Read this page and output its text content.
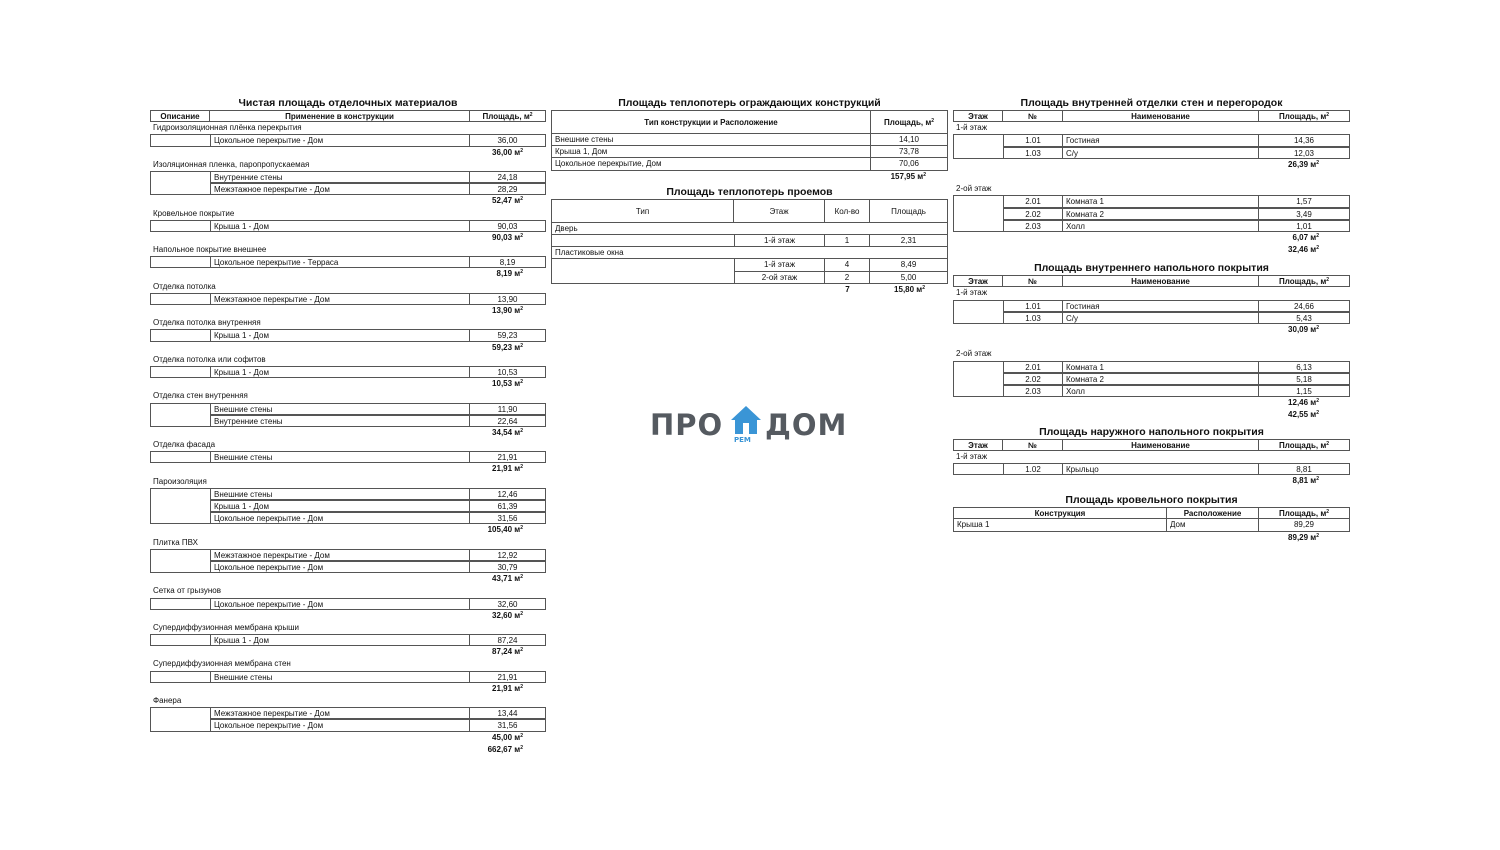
Чистая площадь отделочных материалов
Описание	Применение в конструкции	Площадь, $м^2$
Гидроизоляционная плёнка перекрытия
Цокольное перекрытие - Дом	36,00
36,00 $м^2$
Изоляционная пленка, паропропускаемая
Внутренние стены	24,18
Межэтажное перекрытие - Дом	28,29
52,47 $м^2$
Кровельное покрытие
Крыша 1 - Дом	90,03
90,03 $м^2$
Напольное покрытие внешнее
Цокольное перекрытие - Терраса	8,19
8,19 $м^2$
Отделка потолка
Межэтажное перекрытие - Дом	13,90
13,90 $м^2$
Отделка потолка внутренняя
Крыша 1 - Дом	59,23
59,23 $м^2$
Отделка потолка или софитов
Крыша 1 - Дом	10,53
10,53 $м^2$
Отделка стен внутренняя
Внешние стены	11,90
Внутренние стены	22,64
34,54 $м^2$
Отделка фасада
Внешние стены	21,91
21,91 $м^2$
Пароизоляция
Внешние стены	12,46
Крыша 1 - Дом	61,39
Цокольное перекрытие - Дом	31,56
105,40 $м^2$
Плитка ПВХ
Межэтажное перекрытие - Дом	12,92
Цокольное перекрытие - Дом	30,79
43,71 $м^2$
Сетка от грызунов
Цокольное перекрытие - Дом	32,60
32,60 $м^2$
Супердиффузионная мембрана крыши
Крыша 1 - Дом	87,24
87,24 $м^2$
Супердиффузионная мембрана стен
Внешние стены	21,91
21,91 $м^2$
Фанера
Межэтажное перекрытие - Дом	13,44
Цокольное перекрытие - Дом	31,56
45,00 $м^2$
662,67 $м^2$
Площадь теплопотерь ограждающих конструкций
Тип конструкции и Расположение	Площадь, $м^2$
Внешние стены	14,10
Крыша 1, Дом	73,78
Цокольное перекрытие, Дом	70,06
157,95 $м^2$
Площадь теплопотерь проемов
Тип	Этаж	Кол-во	Площадь
Дверь
1-й этаж	1	2,31
Пластиковые окна
1-й этаж	4	8,49
2-ой этаж	2	5,00
7	15,80 $м^2$
Площадь внутренней отделки стен и перегородок
Этаж	№	Наименование	Площадь, $м^2$
1-й этаж
1.01	Гостиная	14,36
1.03	С/у	12,03
26,39 $м^2$
2-ой этаж
2.01	Комната 1	1,57
2.02	Комната 2	3,49
2.03	Холл	1,01
6,07 $м^2$
32,46 $м^2$
Площадь внутреннего напольного покрытия
Этаж	№	Наименование	Площадь, $м^2$
1-й этаж
1.01	Гостиная	24,66
1.03	С/у	5,43
30,09 $м^2$
2-ой этаж
2.01	Комната 1	6,13
2.02	Комната 2	5,18
2.03	Холл	1,15
12,46 $м^2$
42,55 $м^2$
Площадь наружного напольного покрытия
Этаж	№	Наименование	Площадь, $м^2$
1-й этаж
1.02	Крыльцо	8,81
8,81 $м^2$
Площадь кровельного покрытия
Конструкция	Расположение	Площадь, $м^2$
Крыша 1	Дом	89,29
89,29 $м^2$
ПРО РЕМ ДОМ
